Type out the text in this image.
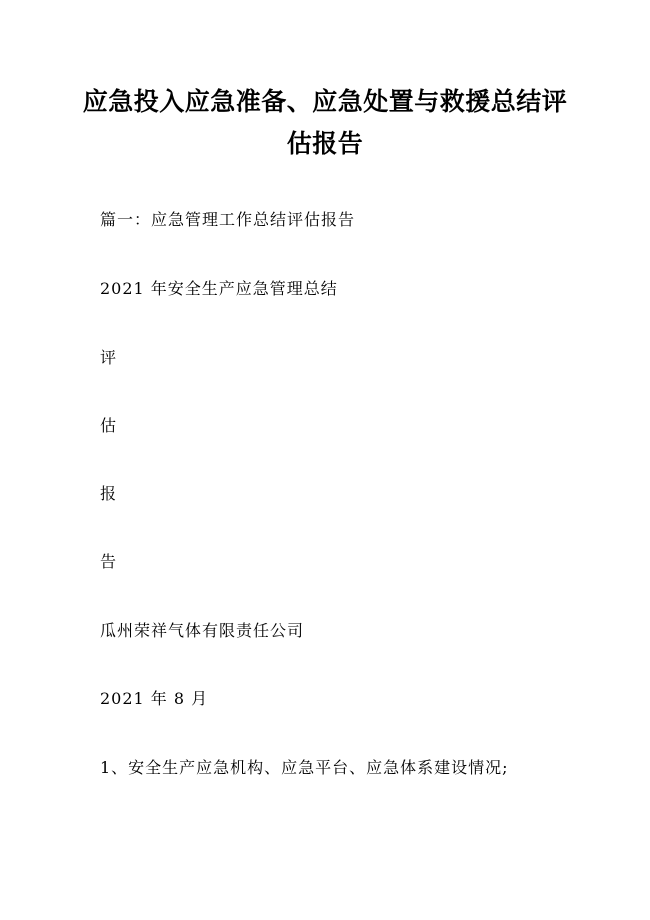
应急投入应急准备、应急处置与救援总结评
估报告

篇一：应急管理工作总结评估报告

2021 年安全生产应急管理总结

评

估

报

告

瓜州荣祥气体有限责任公司

2021 年 8 月

1、安全生产应急机构、应急平台、应急体系建设情况;
